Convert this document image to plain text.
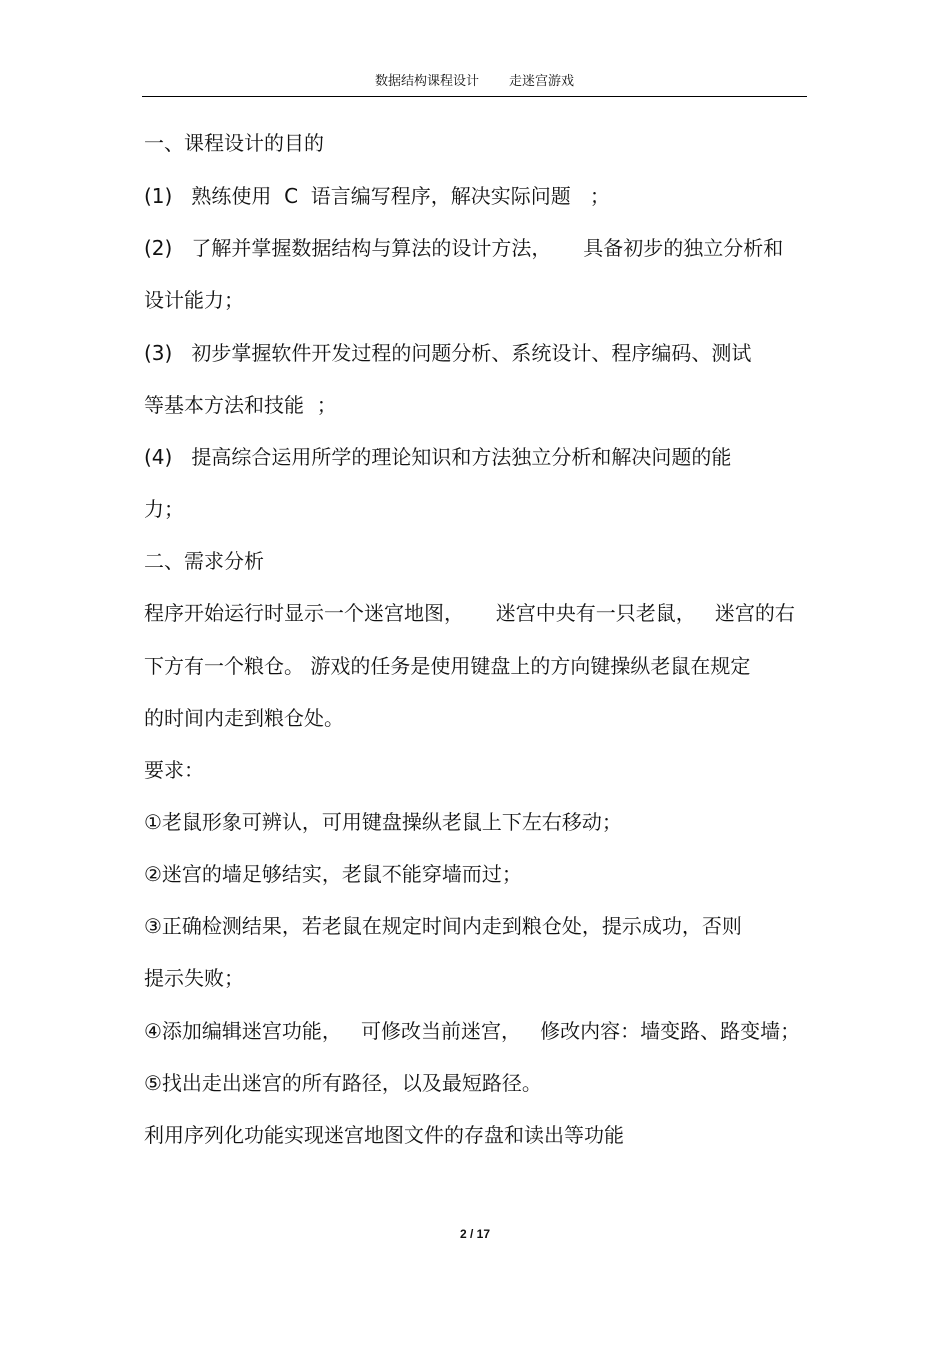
数据结构课程设计 走迷宫游戏
一、课程设计的目的
(1)   熟练使用  C  语言编写程序，解决实际问题   ；
(2)   了解并掌握数据结构与算法的设计方法，     具备初步的独立分析和
设计能力；
(3)   初步掌握软件开发过程的问题分析、系统设计、程序编码、测试
等基本方法和技能  ；
(4)   提高综合运用所学的理论知识和方法独立分析和解决问题的能
力；
二、需求分析
程序开始运行时显示一个迷宫地图，     迷宫中央有一只老鼠，   迷宫的右
下方有一个粮仓。 游戏的任务是使用键盘上的方向键操纵老鼠在规定
的时间内走到粮仓处。
要求：
①老鼠形象可辨认，可用键盘操纵老鼠上下左右移动；
②迷宫的墙足够结实，老鼠不能穿墙而过；
③正确检测结果，若老鼠在规定时间内走到粮仓处，提示成功，否则
提示失败；
④添加编辑迷宫功能，   可修改当前迷宫，   修改内容：墙变路、路变墙；
⑤找出走出迷宫的所有路径，以及最短路径。
利用序列化功能实现迷宫地图文件的存盘和读出等功能
2 / 17
